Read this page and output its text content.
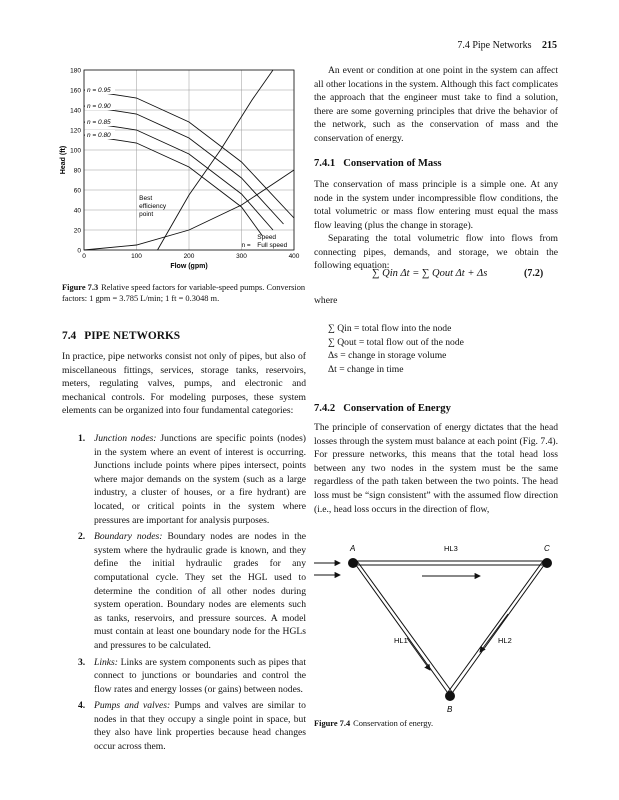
7.4 Pipe Networks 215
0
20
40
60
80
100
120
140
160
180
0	100	200	300	400
n = 0.95
n = 0.90
n = 0.85
n = 0.80
Best
efficiency
point
Speed
n = Full speed
Flow (gpm)
Head (ft)
Figure 7.3 Relative speed factors for variable-speed pumps. Conversion factors: 1 gpm = 3.785 L/min; 1 ft = 0.3048 m.
7.4 PIPE NETWORKS

In practice, pipe networks consist not only of pipes, but also of miscellaneous fittings, services, storage tanks, reservoirs, meters, regulating valves, pumps, and electronic and mechanical controls. For modeling purposes, these system elements can be organized into four fundamental categories:

1. Junction nodes: Junctions are specific points (nodes) in the system where an event of interest is occurring. Junctions include points where pipes intersect, points where major demands on the system (such as a large industry, a cluster of houses, or a fire hydrant) are located, or critical points in the system where pressures are important for analysis purposes.
2. Boundary nodes: Boundary nodes are nodes in the system where the hydraulic grade is known, and they define the initial hydraulic grades for any computational cycle. They set the HGL used to determine the condition of all other nodes during system operation. Boundary nodes are elements such as tanks, reservoirs, and pressure sources. A model must contain at least one boundary node for the HGLs and pressures to be calculated.
3. Links: Links are system components such as pipes that connect to junctions or boundaries and control the flow rates and energy losses (or gains) between nodes.
4. Pumps and valves: Pumps and valves are similar to nodes in that they occupy a single point in space, but they also have link properties because head changes occur across them.

An event or condition at one point in the system can affect all other locations in the system. Although this fact complicates the approach that the engineer must take to find a solution, there are some governing principles that drive the behavior of the network, such as the conservation of mass and the conservation of energy.

7.4.1 Conservation of Mass

The conservation of mass principle is a simple one. At any node in the system under incompressible flow conditions, the total volumetric or mass flow entering must equal the mass flow leaving (plus the change in storage).

Separating the total volumetric flow into flows from connecting pipes, demands, and storage, we obtain the following equation:

∑ Qin Δt = ∑ Qout Δt + Δs	(7.2)
where
∑ Qin = total flow into the node
∑ Qout = total flow out of the node
Δs = change in storage volume
Δt = change in time
7.4.2 Conservation of Energy

The principle of conservation of energy dictates that the head losses through the system must balance at each point (Fig. 7.4). For pressure networks, this means that the total head loss between any two nodes in the system must be the same regardless of the path taken between the two points. The head loss must be “sign consistent” with the assumed flow direction (i.e., head loss occurs in the direction of flow,

A	C
B
HL3
HL1	HL2
Figure 7.4 Conservation of energy.
